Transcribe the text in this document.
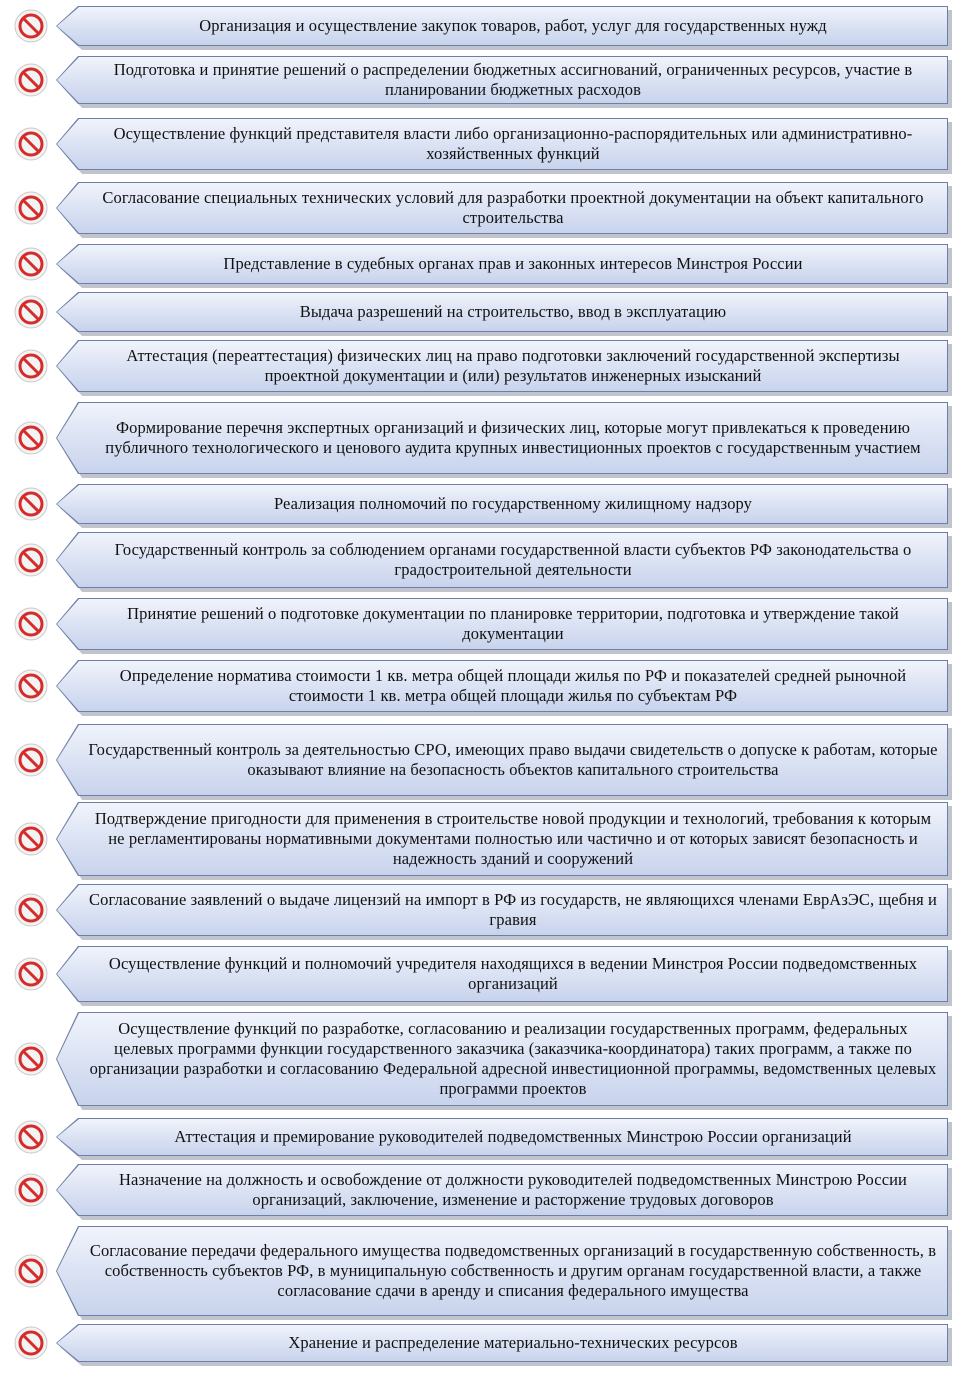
Организация и осуществление закупок товаров, работ, услуг для государственных нужд
Подготовка и принятие решений о распределении бюджетных ассигнований, ограниченных ресурсов, участие в планировании бюджетных расходов
Осуществление функций представителя власти либо организационно-распорядительных или административно-хозяйственных функций
Согласование специальных технических условий для разработки проектной документации на объект капитального строительства
Представление в судебных органах прав и законных интересов Минстроя России
Выдача разрешений на строительство, ввод в эксплуатацию
Аттестация (переаттестация) физических лиц на право подготовки заключений государственной экспертизы проектной документации и (или) результатов инженерных изысканий
Формирование перечня экспертных организаций и физических лиц, которые могут привлекаться к проведению публичного технологического и ценового аудита крупных инвестиционных проектов с государственным участием
Реализация полномочий по государственному жилищному надзору
Государственный контроль за соблюдением органами государственной власти субъектов РФ законодательства о градостроительной деятельности
Принятие решений о подготовке документации по планировке территории, подготовка и утверждение такой документации
Определение норматива стоимости 1 кв. метра общей площади жилья по РФ и показателей средней рыночной стоимости 1 кв. метра общей площади жилья по субъектам РФ
Государственный контроль за деятельностью СРО, имеющих право выдачи свидетельств о допуске к работам, которые оказывают влияние на безопасность объектов капитального строительства
Подтверждение пригодности для применения в строительстве новой продукции и технологий, требования к которым не регламентированы нормативными документами полностью или частично и от которых зависят безопасность и надежность зданий и сооружений
Согласование заявлений о выдаче лицензий на импорт в РФ из государств, не являющихся членами ЕврАзЭС, щебня и гравия
Осуществление функций и полномочий учредителя находящихся в ведении Минстроя России подведомственных организаций
Осуществление функций по разработке, согласованию и реализации государственных программ, федеральных целевых программи функции государственного заказчика (заказчика-координатора) таких программ, а также по организации разработки и согласованию Федеральной адресной инвестиционной программы, ведомственных целевых программи проектов
Аттестация и премирование руководителей подведомственных Минстрою России организаций
Назначение на должность и освобождение от должности руководителей подведомственных Минстрою России организаций, заключение, изменение и расторжение трудовых договоров
Согласование передачи федерального имущества подведомственных организаций в государственную собственность, в собственность субъектов РФ, в муниципальную собственность и другим органам государственной власти, а также согласование сдачи в аренду и списания федерального имущества
Хранение и распределение материально-технических ресурсов
